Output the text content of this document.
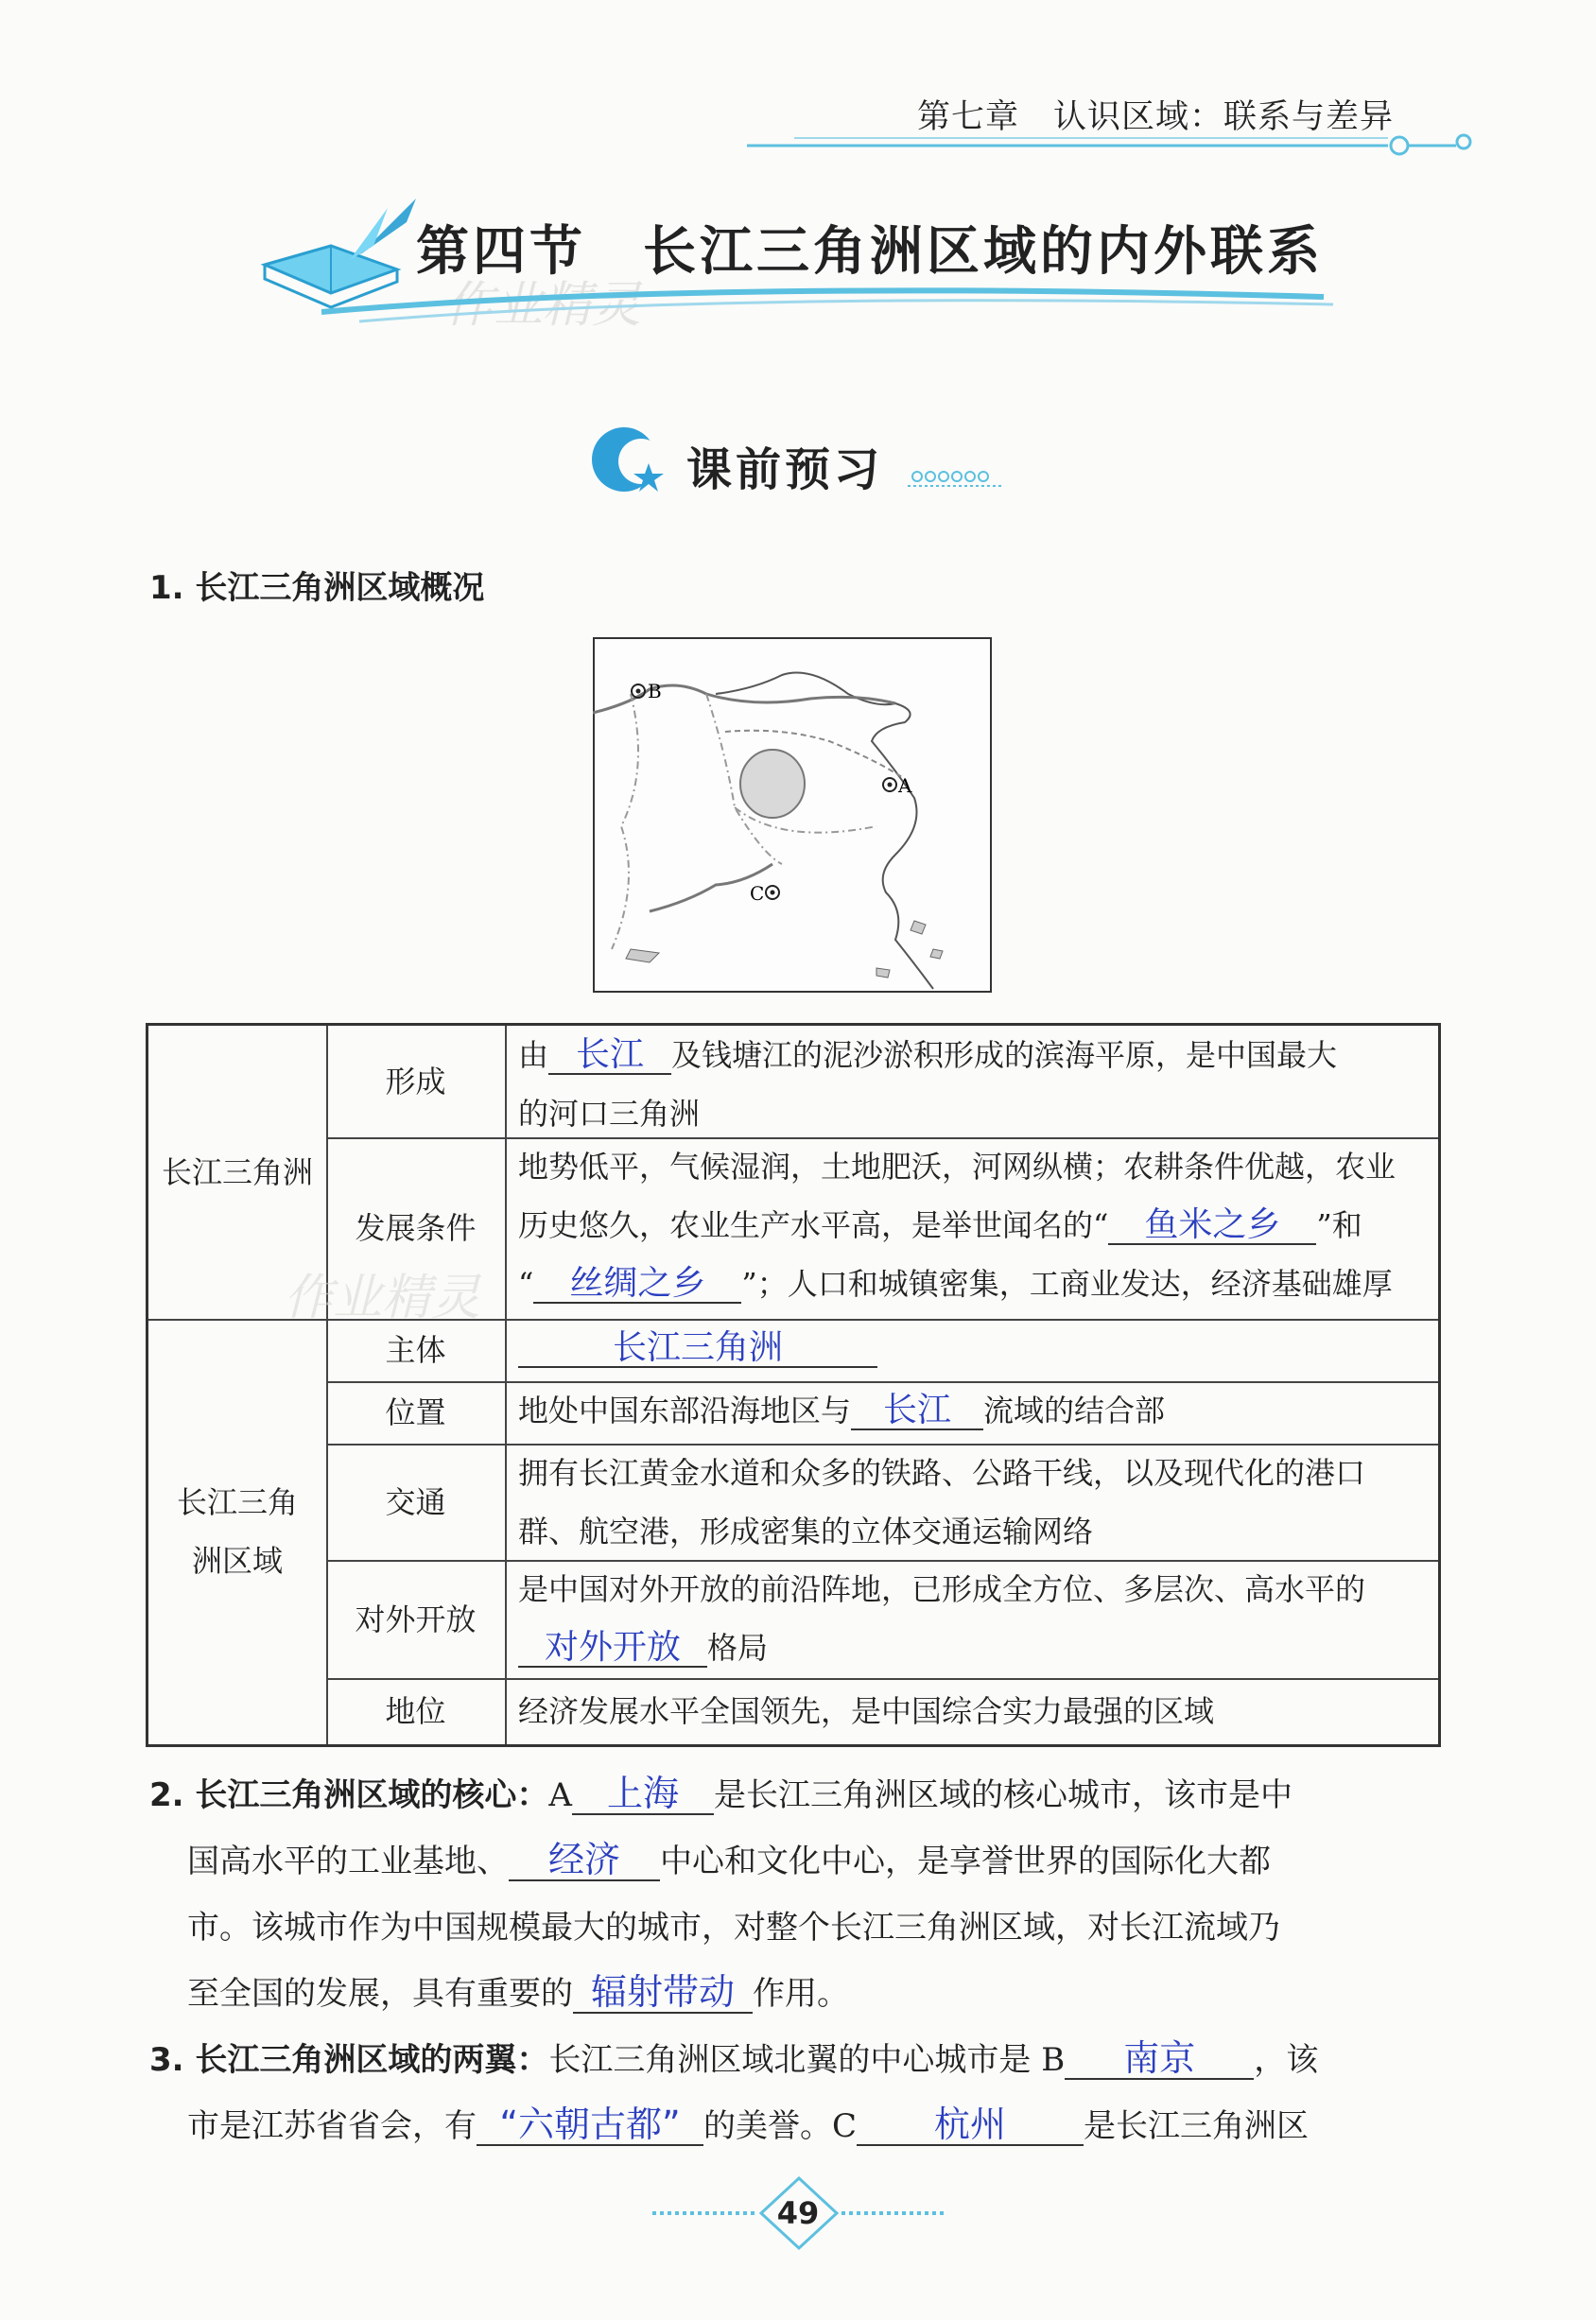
第七章　认识区域：联系与差异
第四节　长江三角洲区域的内外联系
作业精灵
课前预习
1. 长江三角洲区域概况
B
A
C
长江三角洲
长江三角
洲区域
形成
发展条件
主体
位置
交通
对外开放
地位
由 长江 及钱塘江的泥沙淤积形成的滨海平原，是中国最大
的河口三角洲
地势低平，气候湿润，土地肥沃，河网纵横；农耕条件优越，农业
历史悠久，农业生产水平高，是举世闻名的“ 鱼米之乡 ”和
“ 丝绸之乡 ”；人口和城镇密集，工商业发达，经济基础雄厚
长江三角洲
地处中国东部沿海地区与 长江 流域的结合部
拥有长江黄金水道和众多的铁路、公路干线，以及现代化的港口
群、航空港，形成密集的立体交通运输网络
是中国对外开放的前沿阵地，已形成全方位、多层次、高水平的
对外开放 格局
经济发展水平全国领先，是中国综合实力最强的区域
作业精灵
2. 长江三角洲区域的核心：A 上海 是长江三角洲区域的核心城市，该市是中
国高水平的工业基地、 经济 中心和文化中心，是享誉世界的国际化大都
市。该城市作为中国规模最大的城市，对整个长江三角洲区域，对长江流域乃
至全国的发展，具有重要的 辐射带动 作用。
3. 长江三角洲区域的两翼：长江三角洲区域北翼的中心城市是 B 南京 ，该
市是江苏省省会，有 “六朝古都” 的美誉。C 杭州 是长江三角洲区
49
